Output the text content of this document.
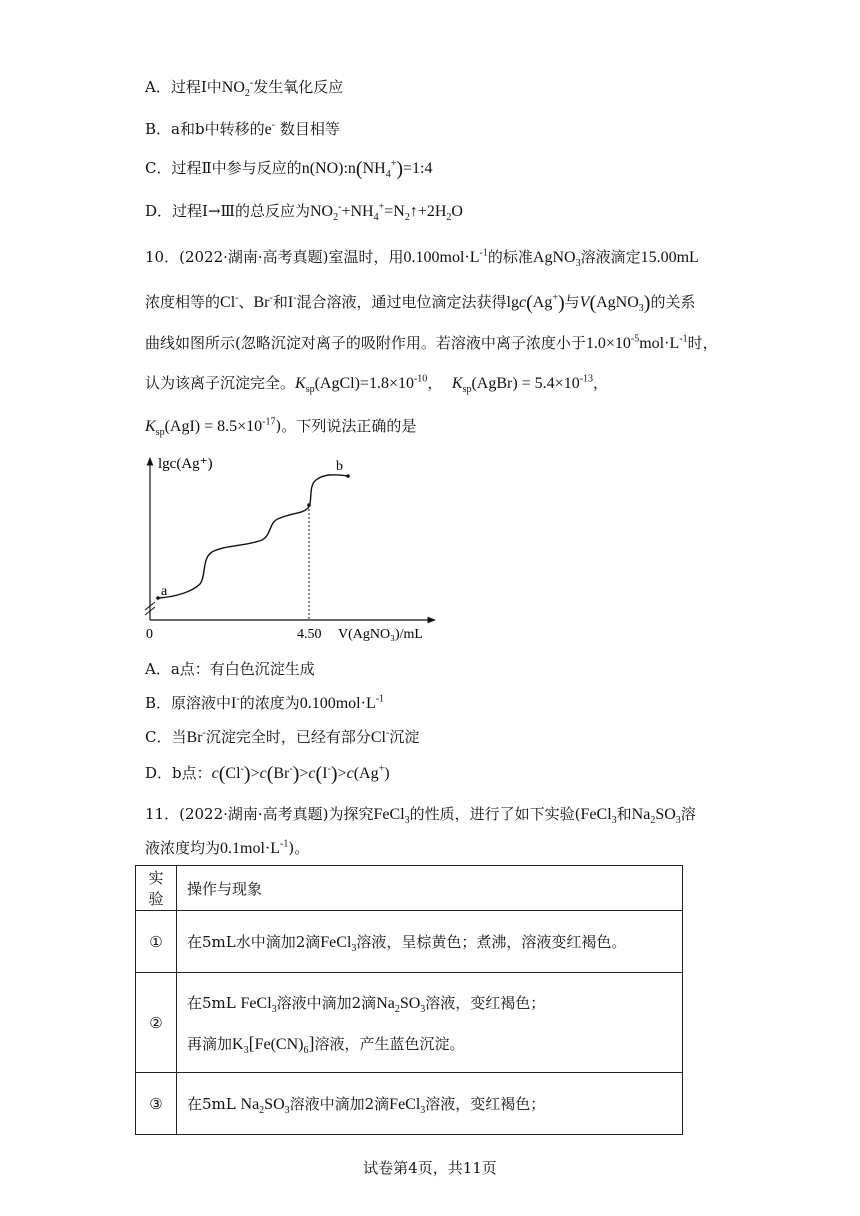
A．过程Ⅰ中$NO_2^-$发生氧化反应
B．a和b中转移的e- 数目相等
C．过程Ⅱ中参与反应的$n(NO):n(NH_4^+)=1:4$
D．过程Ⅰ→Ⅲ的总反应为$NO_2^-+NH_4^+=N_2↑+2H_2O$
10．(2022·湖南·高考真题)室温时，用$0.100mol\cdot L^{-1}$的标准AgNO$_3$溶液滴定15.00mL
浓度相等的Cl-、Br-和I-混合溶液，通过电位滴定法获得lgc(Ag+)与V(AgNO$_3$)的关系
曲线如图所示(忽略沉淀对离子的吸附作用。若溶液中离子浓度小于$1.0\times 10^{-5}mol\cdot L^{-1}$时，
认为该离子沉淀完全。$K_{sp}(AgCl)=1.8\times 10^{-10}$，  $K_{sp}(AgBr) = 5.4\times 10^{-13}$，
$K_{sp}(AgI) = 8.5\times 10^{-17}$)。下列说法正确的是
lgc(Ag⁺)
a
b
0	4.50 V(AgNO₃)/mL
A．a点：有白色沉淀生成
B．原溶液中I-的浓度为$0.100mol\cdot L^{-1}$
C．当Br-沉淀完全时，已经有部分Cl-沉淀
D．b点：c(Cl-)>c(Br-)>c(I-)>c(Ag+)
11．(2022·湖南·高考真题)为探究FeCl$_3$的性质，进行了如下实验(FeCl$_3$和$Na_2SO_3$溶
液浓度均为$0.1mol\cdot L^{-1}$)。
实验	操作与现象
①	在5mL水中滴加2滴FeCl$_3$溶液，呈棕黄色；煮沸，溶液变红褐色。
②	在5mL FeCl$_3$溶液中滴加2滴$Na_2SO_3$溶液，变红褐色；
再滴加$K_3[Fe(CN)_6]$溶液，产生蓝色沉淀。

③	在5mL $Na_2SO_3$溶液中滴加2滴FeCl$_3$溶液，变红褐色；
试卷第4页，共11页
